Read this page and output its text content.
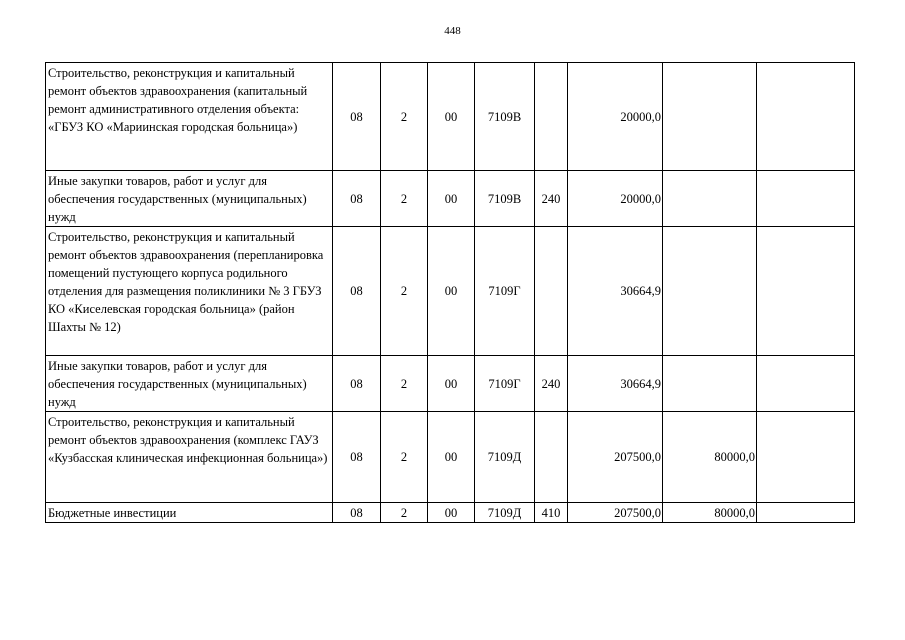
448
Строительство, реконструкция и капитальный ремонт объектов здравоохранения (капитальный ремонт административного отделения объекта: «ГБУЗ КО «Мариинская городская больница»)	08	2	00	7109В		20000,0		
Иные закупки товаров, работ и услуг для обеспечения государственных (муниципальных) нужд	08	2	00	7109В	240	20000,0		
Строительство, реконструкция и капитальный ремонт объектов здравоохранения (перепланировка помещений пустующего корпуса родильного отделения для размещения поликлиники № 3 ГБУЗ КО «Киселевская городская больница» (район Шахты № 12)	08	2	00	7109Г		30664,9		
Иные закупки товаров, работ и услуг для обеспечения государственных (муниципальных) нужд	08	2	00	7109Г	240	30664,9		
Строительство, реконструкция и капитальный ремонт объектов здравоохранения (комплекс ГАУЗ «Кузбасская клиническая инфекционная больница»)	08	2	00	7109Д		207500,0	80000,0	
Бюджетные инвестиции	08	2	00	7109Д	410	207500,0	80000,0	
